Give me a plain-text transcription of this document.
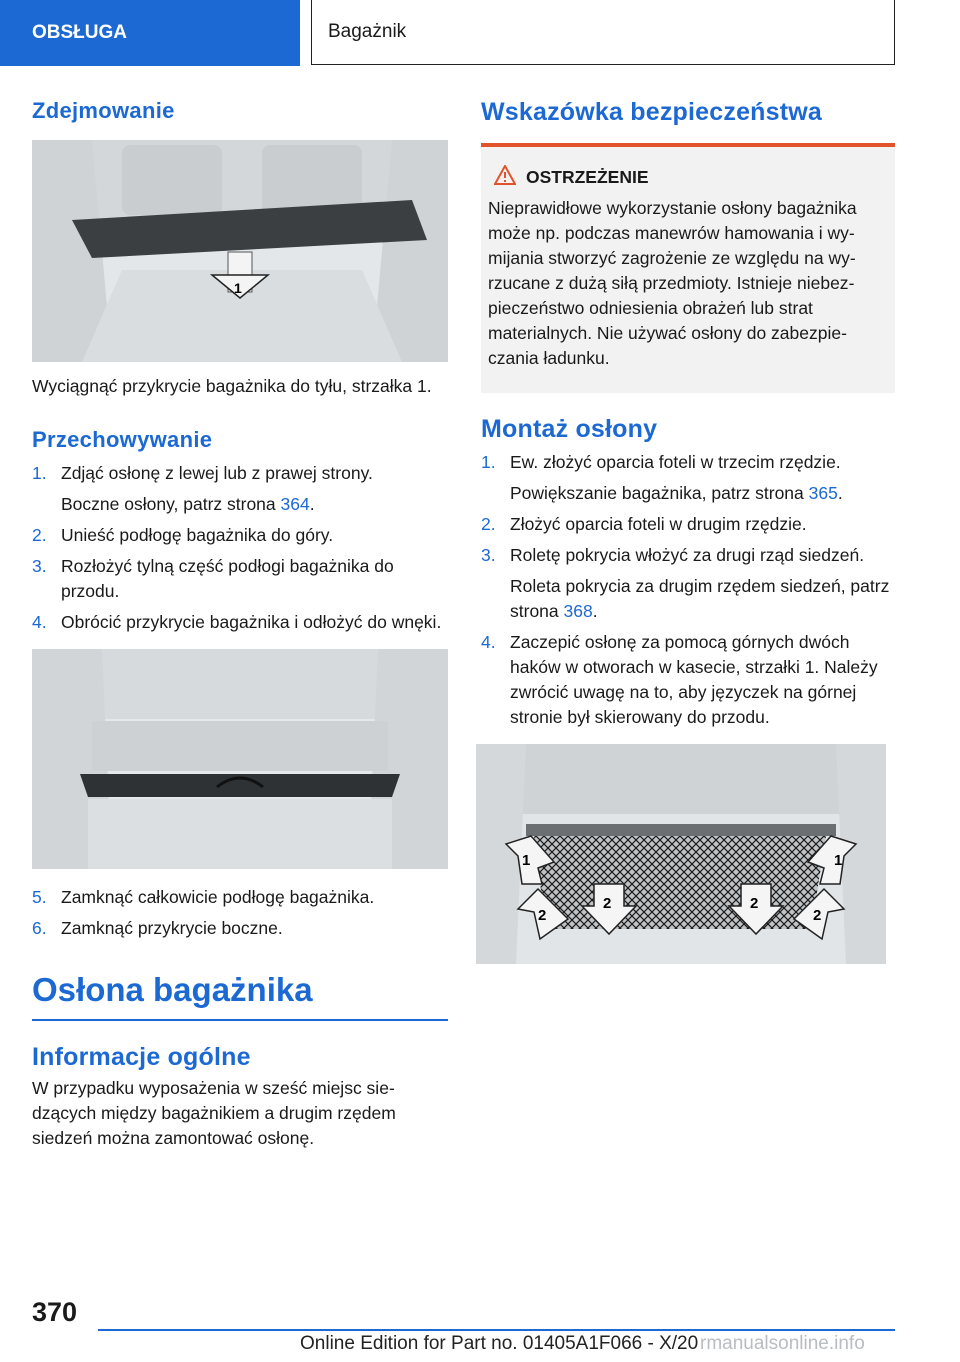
OBSŁUGA	Bagażnik
Zdejmowanie
1

Wyciągnąć przykrycie bagażnika do tyłu, strzałka 1.

Przechowywanie
1. Zdjąć osłonę z lewej lub z prawej strony.

Boczne osłony, patrz strona 364.

2. Unieść podłogę bagażnika do góry.
3. Rozłożyć tylną część podłogi bagażnika do przodu.
4. Obrócić przykrycie bagażnika i odłożyć do wnęki.
5. Zamknąć całkowicie podłogę bagażnika.
6. Zamknąć przykrycie boczne.
Osłona bagażnika
Informacje ogólne

W przypadku wyposażenia w sześć miejsc siedzących między bagażnikiem a drugim rzędem siedzeń można zamontować osłonę.

Wskazówka bezpieczeństwa
OSTRZEŻENIE

Nieprawidłowe wykorzystanie osłony bagażnika może np. podczas manewrów hamowania i wymijania stworzyć zagrożenie ze względu na wyrzucane z dużą siłą przedmioty. Istnieje niebezpieczeństwo odniesienia obrażeń lub strat materialnych. Nie używać osłony do zabezpieczania ładunku.

Montaż osłony
1. Ew. złożyć oparcia foteli w trzecim rzędzie.

Powiększanie bagażnika, patrz strona 365.

2. Złożyć oparcia foteli w drugim rzędzie.
3. Roletę pokrycia włożyć za drugi rząd siedzeń.

Roleta pokrycia za drugim rzędem siedzeń, patrz strona 368.

4. Zaczepić osłonę za pomocą górnych dwóch haków w otworach w kasecie, strzałki 1. Należy zwrócić uwagę na to, aby języczek na górnej stronie był skierowany do przodu.
1	1
2
2	2
2
370
Online Edition for Part no. 01405A1F066 - X/20 rmanualsonline.info
